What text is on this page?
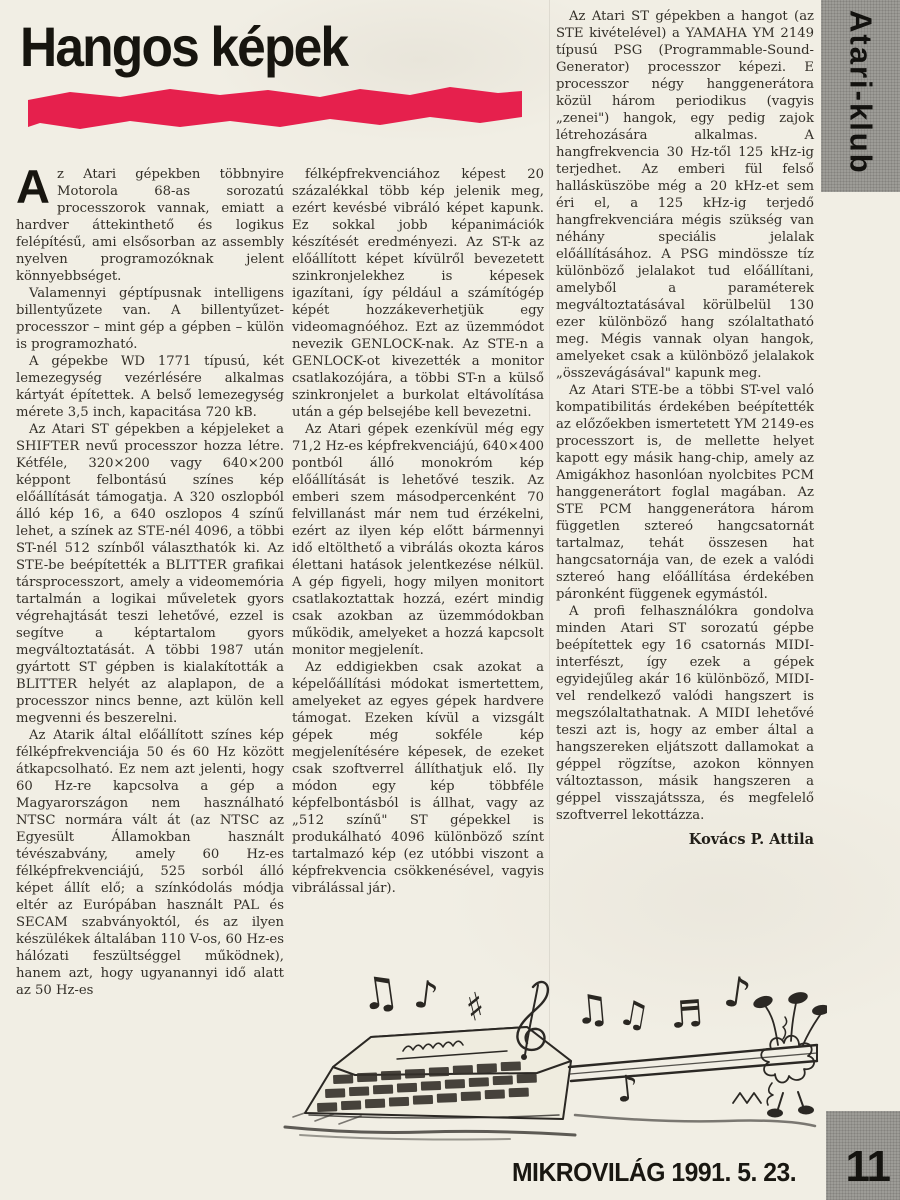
Hangos képek

Az Atari gépekben többnyire Motorola 68-as sorozatú processzorok vannak, emiatt a hardver áttekinthető és logikus felépítésű, ami elsősorban az assembly nyelven programozóknak jelent könnyebbséget.

Valamennyi géptípusnak intelligens billentyűzete van. A billentyűzet-processzor – mint gép a gépben – külön is programozható.

A gépekbe WD 1771 típusú, két lemezegység vezérlésére alkalmas kártyát építettek. A belső lemezegység mérete 3,5 inch, kapacitása 720 kB.

Az Atari ST gépekben a képjeleket a SHIFTER nevű processzor hozza létre. Kétféle, 320×200 vagy 640×200 képpont felbontású színes kép előállítását támogatja. A 320 oszlopból álló kép 16, a 640 oszlopos 4 színű lehet, a színek az STE-nél 4096, a többi ST-nél 512 színből választhatók ki. Az STE-be beépítették a BLITTER grafikai társprocesszort, amely a videomemória tartalmán a logikai műveletek gyors végrehajtását teszi lehetővé, ezzel is segítve a képtartalom gyors megváltoztatását. A többi 1987 után gyártott ST gépben is kialakították a BLITTER helyét az alaplapon, de a processzor nincs benne, azt külön kell megvenni és beszerelni.

Az Atarik által előállított színes kép félképfrekvenciája 50 és 60 Hz között átkapcsolható. Ez nem azt jelenti, hogy 60 Hz-re kapcsolva a gép a Magyarországon nem használható NTSC normára vált át (az NTSC az Egyesült Államokban használt tévészabvány, amely 60 Hz-es félképfrekvenciájú, 525 sorból álló képet állít elő; a színkódolás módja eltér az Európában használt PAL és SECAM szabványoktól, és az ilyen készülékek általában 110 V-os, 60 Hz-es hálózati feszültséggel működnek), hanem azt, hogy ugyanannyi idő alatt az 50 Hz-es

félképfrekvenciához képest 20 százalékkal több kép jelenik meg, ezért kevésbé vibráló képet kapunk. Ez sokkal jobb képanimációk készítését eredményezi. Az ST-k az előállított képet kívülről bevezetett szinkronjelekhez is képesek igazítani, így például a számítógép képét hozzákeverhetjük egy videomagnóéhoz. Ezt az üzemmódot nevezik GENLOCK-nak. Az STE-n a GENLOCK-ot kivezették a monitor csatlakozójára, a többi ST-n a külső szinkronjelet a burkolat eltávolítása után a gép belsejébe kell bevezetni.

Az Atari gépek ezenkívül még egy 71,2 Hz-es képfrekvenciájú, 640×400 pontból álló monokróm kép előállítását is lehetővé teszik. Az emberi szem másodpercenként 70 felvillanást már nem tud érzékelni, ezért az ilyen kép előtt bármennyi idő eltölthető a vibrálás okozta káros élettani hatások jelentkezése nélkül. A gép figyeli, hogy milyen monitort csatlakoztattak hozzá, ezért mindig csak azokban az üzemmódokban működik, amelyeket a hozzá kapcsolt monitor megjelenít.

Az eddigiekben csak azokat a képelőállítási módokat ismertettem, amelyeket az egyes gépek hardvere támogat. Ezeken kívül a vizsgált gépek még sokféle kép megjelenítésére képesek, de ezeket csak szoftverrel állíthatjuk elő. Ily módon egy kép többféle képfelbontásból is állhat, vagy az „512 színű" ST gépekkel is produkálható 4096 különböző színt tartalmazó kép (ez utóbbi viszont a képfrekvencia csökkenésével, vagyis vibrálással jár).

Az Atari ST gépekben a hangot (az STE kivételével) a YAMAHA YM 2149 típusú PSG (Programmable-Sound-Generator) processzor képezi. E processzor négy hanggenerátora közül három periodikus (vagyis „zenei") hangok, egy pedig zajok létrehozására alkalmas. A hangfrekvencia 30 Hz-től 125 kHz-ig terjedhet. Az emberi fül felső hallásküszöbe még a 20 kHz-et sem éri el, a 125 kHz-ig terjedő hangfrekvenciára mégis szükség van néhány speciális jelalak előállításához. A PSG mindössze tíz különböző jelalakot tud előállítani, amelyből a paraméterek megváltoztatásával körülbelül 130 ezer különböző hang szólaltatható meg. Mégis vannak olyan hangok, amelyeket csak a különböző jelalakok „összevágásával" kapunk meg.

Az Atari STE-be a többi ST-vel való kompatibilitás érdekében beépítették az előzőekben ismertetett YM 2149-es processzort is, de mellette helyet kapott egy másik hang-chip, amely az Amigákhoz hasonlóan nyolcbites PCM hanggenerátort foglal magában. Az STE PCM hanggenerátora három független sztereó hangcsatornát tartalmaz, tehát összesen hat hangcsatornája van, de ezek a valódi sztereó hang előállítása érdekében páronként függenek egymástól.

A profi felhasználókra gondolva minden Atari ST sorozatú gépbe beépítettek egy 16 csatornás MIDI-interfészt, így ezek a gépek egyidejűleg akár 16 különböző, MIDI-vel rendelkező valódi hangszert is megszólaltathatnak. A MIDI lehetővé teszi azt is, hogy az ember által a hangszereken eljátszott dallamokat a géppel rögzítse, azokon könnyen változtasson, másik hangszeren a géppel visszajátssza, és megfelelő szoftverrel lekottázza.

Kovács P. Attila
♫ ♪ ♯ ♫ ♫ ♬ ♪
♪
Atari-klub
MIKROVILÁG 1991. 5. 23. 11
